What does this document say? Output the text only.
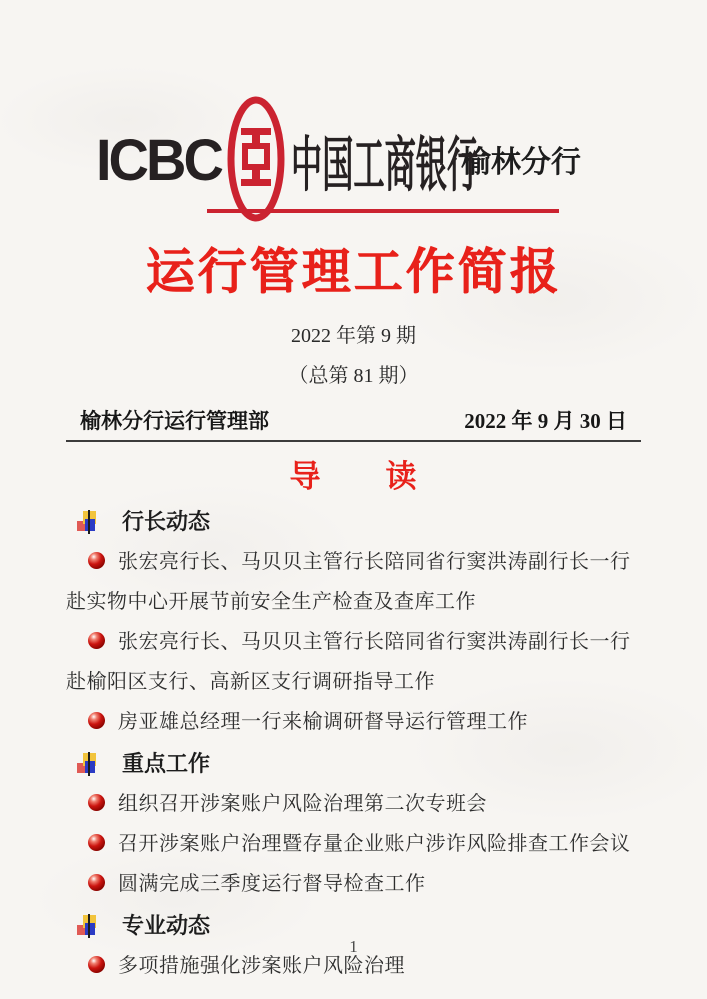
ICBC 中国工商银行
榆林分行
运行管理工作简报
2022 年第 9 期
（总第 81 期）
榆林分行运行管理部	2022 年 9 月 30 日
导　　读
行长动态

张宏亮行长、马贝贝主管行长陪同省行窦洪涛副行长一行赴实物中心开展节前安全生产检查及查库工作

张宏亮行长、马贝贝主管行长陪同省行窦洪涛副行长一行赴榆阳区支行、高新区支行调研指导工作

房亚雄总经理一行来榆调研督导运行管理工作

重点工作

组织召开涉案账户风险治理第二次专班会

召开涉案账户治理暨存量企业账户涉诈风险排查工作会议

圆满完成三季度运行督导检查工作

专业动态

多项措施强化涉案账户风险治理

1
